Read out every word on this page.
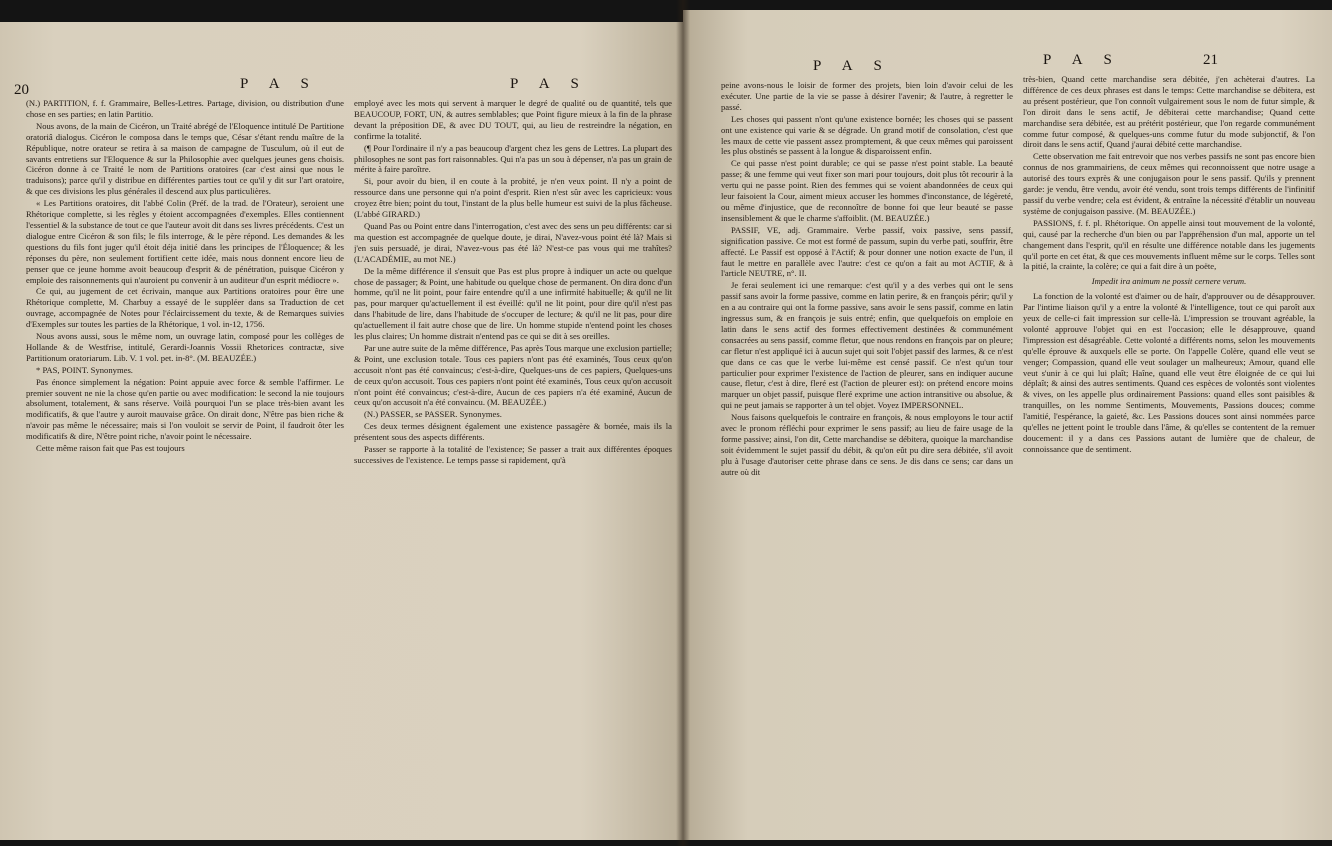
20	P A S	P A S

(N.) PARTITION, f. f. Grammaire, Belles-Lettres. Partage, division, ou distribution d'une chose en ses parties; en latin Partitio.

Nous avons, de la main de Cicéron, un Traité abrégé de l'Eloquence intitulé De Partitione oratoriâ dialogus. Cicéron le composa dans le temps que, César s'étant rendu maître de la République, notre orateur se retira à sa maison de campagne de Tusculum, où il eut de savants entretiens sur l'Eloquence & sur la Philosophie avec quelques jeunes gens choisis. Cicéron donne à ce Traité le nom de Partitions oratoires (car c'est ainsi que nous le traduisons); parce qu'il y distribue en différentes parties tout ce qu'il y dit sur l'art oratoire, & que ces divisions les plus générales il descend aux plus particulières.

« Les Partitions oratoires, dit l'abbé Colin (Préf. de la trad. de l'Orateur), seroient une Rhétorique complette, si les règles y étoient accompagnées d'exemples. Elles contiennent l'essentiel & la substance de tout ce que l'auteur avoit dit dans ses livres précédents. C'est un dialogue entre Cicéron & son fils; le fils interroge, & le père répond. Les demandes & les questions du fils font juger qu'il étoit déja initié dans les principes de l'Éloquence; & les réponses du père, non seulement fortifient cette idée, mais nous donnent encore lieu de penser que ce jeune homme avoit beaucoup d'esprit & de pénétration, puisque Cicéron y emploie des raisonnements qui n'auroient pu convenir à un auditeur d'un esprit médiocre ».

Ce qui, au jugement de cet écrivain, manque aux Partitions oratoires pour être une Rhétorique complette, M. Charbuy a essayé de le suppléer dans sa Traduction de cet ouvrage, accompagnée de Notes pour l'éclaircissement du texte, & de Remarques suivies d'Exemples sur toutes les parties de la Rhétorique, 1 vol. in-12, 1756.

Nous avons aussi, sous le même nom, un ouvrage latin, composé pour les collèges de Hollande & de Westfrise, intitulé, Gerardi-Joannis Vossii Rhetorices contractæ, sive Partitionum oratoriarum. Lib. V. 1 vol. pet. in-8°. (M. BEAUZÉE.)

* PAS, POINT. Synonymes.

Pas énonce simplement la négation: Point appuie avec force & semble l'affirmer. Le premier souvent ne nie la chose qu'en partie ou avec modification: le second la nie toujours absolument, totalement, & sans réserve. Voilà pourquoi l'un se place très-bien avant les modificatifs, & que l'autre y auroit mauvaise grâce. On dirait donc, N'être pas bien riche & n'avoir pas même le nécessaire; mais si l'on vouloit se servir de Point, il faudroit ôter les modificatifs & dire, N'être point riche, n'avoir point le nécessaire.

Cette même raison fait que Pas est toujours

employé avec les mots qui servent à marquer le degré de qualité ou de quantité, tels que BEAUCOUP, FORT, UN, & autres semblables; que Point figure mieux à la fin de la phrase devant la préposition DE, & avec DU TOUT, qui, au lieu de restreindre la négation, en confirme la totalité.

(¶ Pour l'ordinaire il n'y a pas beaucoup d'argent chez les gens de Lettres. La plupart des philosophes ne sont pas fort raisonnables. Qui n'a pas un sou à dépenser, n'a pas un grain de mérite à faire paroître.

Si, pour avoir du bien, il en coute à la probité, je n'en veux point. Il n'y a point de ressource dans une personne qui n'a point d'esprit. Rien n'est sûr avec les capricieux: vous croyez être bien; point du tout, l'instant de la plus belle humeur est suivi de la plus fâcheuse. (L'abbé GIRARD.)

Quand Pas ou Point entre dans l'interrogation, c'est avec des sens un peu différents: car si ma question est accompagnée de quelque doute, je dirai, N'avez-vous point été là? Mais si j'en suis persuadé, je dirai, N'avez-vous pas été là? N'est-ce pas vous qui me trahîtes? (L'ACADÉMIE, au mot NE.)

De la même différence il s'ensuit que Pas est plus propre à indiquer un acte ou quelque chose de passager; & Point, une habitude ou quelque chose de permanent. On dira donc d'un homme, qu'il ne lit point, pour faire entendre qu'il a une infirmité habituelle; & qu'il ne lit pas, pour marquer qu'actuellement il est éveillé: qu'il ne lit point, pour dire qu'il n'est pas dans l'habitude de lire, dans l'habitude de s'occuper de lecture; & qu'il ne lit pas, pour dire qu'actuellement il fait autre chose que de lire. Un homme stupide n'entend point les choses les plus claires; Un homme distrait n'entend pas ce qui se dit à ses oreilles.

Par une autre suite de la même différence, Pas après Tous marque une exclusion partielle; & Point, une exclusion totale. Tous ces papiers n'ont pas été examinés, Tous ceux qu'on accusoit n'ont pas été convaincus; c'est-à-dire, Quelques-uns de ces papiers, Quelques-uns de ceux qu'on accusoit. Tous ces papiers n'ont point été examinés, Tous ceux qu'on accusoit n'ont point été convaincus; c'est-à-dire, Aucun de ces papiers n'a été examiné, Aucun de ceux qu'on accusoit n'a été convaincu. (M. BEAUZÉE.)

(N.) PASSER, se PASSER. Synonymes.

Ces deux termes désignent également une existence passagère & bornée, mais ils la présentent sous des aspects différents.

Passer se rapporte à la totalité de l'existence; Se passer a trait aux différentes époques successives de l'existence. Le temps passe si rapidement, qu'à

P A S	P A S	21

peine avons-nous le loisir de former des projets, bien loin d'avoir celui de les exécuter. Une partie de la vie se passe à désirer l'avenir; & l'autre, à regretter le passé.

Les choses qui passent n'ont qu'une existence bornée; les choses qui se passent ont une existence qui varie & se dégrade. Un grand motif de consolation, c'est que les maux de cette vie passent assez promptement, & que ceux mêmes qui paroissent les plus obstinés se passent à la longue & disparoissent enfin.

Ce qui passe n'est point durable; ce qui se passe n'est point stable. La beauté passe; & une femme qui veut fixer son mari pour toujours, doit plus tôt recourir à la vertu qui ne passe point. Rien des femmes qui se voient abandonnées de ceux qui leur faisoient la Cour, aiment mieux accuser les hommes d'inconstance, de légèreté, ou même d'injustice, que de reconnoître de bonne foi que leur beauté se passe insensiblement & que le charme s'affoiblit. (M. BEAUZÉE.)

PASSIF, VE, adj. Grammaire. Verbe passif, voix passive, sens passif, signification passive. Ce mot est formé de passum, supin du verbe pati, souffrir, être affecté. Le Passif est opposé à l'Actif; & pour donner une notion exacte de l'un, il faut le mettre en parallèle avec l'autre: c'est ce qu'on a fait au mot ACTIF, & à l'article NEUTRE, n°. II.

Je ferai seulement ici une remarque: c'est qu'il y a des verbes qui ont le sens passif sans avoir la forme passive, comme en latin perire, & en françois périr; qu'il y en a au contraire qui ont la forme passive, sans avoir le sens passif, comme en latin ingressus sum, & en françois je suis entré; enfin, que quelquefois on emploie en latin dans le sens actif des formes effectivement destinées & communément consacrées au sens passif, comme fletur, que nous rendons en françois par on pleure; car fletur n'est appliqué ici à aucun sujet qui soit l'objet passif des larmes, & ce n'est que dans ce cas que le verbe lui-même est censé passif. Ce n'est qu'un tour particulier pour exprimer l'existence de l'action de pleurer, sans en indiquer aucune cause, fletur, c'est à dire, fleré est (l'action de pleurer est): on prétend encore moins marquer un objet passif, puisque fleré exprime une action intransitive ou absolue, & qui ne peut jamais se rapporter à un tel objet. Voyez IMPERSONNEL.

Nous faisons quelquefois le contraire en françois, & nous employons le tour actif avec le pronom réfléchi pour exprimer le sens passif; au lieu de faire usage de la forme passive; ainsi, l'on dit, Cette marchandise se débitera, quoique la marchandise soit évidemment le sujet passif du débit, & qu'on eût pu dire sera débitée, s'il avoit plu à l'usage d'autoriser cette phrase dans ce sens. Je dis dans ce sens; car dans un autre où dit

très-bien, Quand cette marchandise sera débitée, j'en achèterai d'autres. La différence de ces deux phrases est dans le temps: Cette marchandise se débitera, est au présent postérieur, que l'on connoît vulgairement sous le nom de futur simple, & l'on diroit dans le sens actif, Je débiterai cette marchandise; Quand cette marchandise sera débitée, est au prétérit postérieur, que l'on regarde communément comme futur composé, & quelques-uns comme futur du mode subjonctif, & l'on diroit dans le sens actif, Quand j'aurai débité cette marchandise.

Cette observation me fait entrevoir que nos verbes passifs ne sont pas encore bien connus de nos grammairiens, de ceux mêmes qui reconnoissent que notre usage a autorisé des tours exprès & une conjugaison pour le sens passif. Qu'ils y prennent garde: je vendu, être vendu, avoir été vendu, sont trois temps différents de l'infinitif passif du verbe vendre; cela est évident, & entraîne la nécessité d'établir un nouveau système de conjugaison passive. (M. BEAUZÉE.)

PASSIONS, f. f. pl. Rhétorique. On appelle ainsi tout mouvement de la volonté, qui, causé par la recherche d'un bien ou par l'appréhension d'un mal, apporte un tel changement dans l'esprit, qu'il en résulte une différence notable dans les jugements qu'il porte en cet état, & que ces mouvements influent même sur le corps. Telles sont la pitié, la crainte, la colère; ce qui a fait dire à un poëte,

Impedit ira animum ne possit cernere verum.

La fonction de la volonté est d'aimer ou de haïr, d'approuver ou de désapprouver. Par l'intime liaison qu'il y a entre la volonté & l'intelligence, tout ce qui paroît aux yeux de celle-ci fait impression sur celle-là. L'impression se trouvant agréable, la volonté approuve l'objet qui en est l'occasion; elle le désapprouve, quand l'impression est désagréable. Cette volonté a différents noms, selon les mouvements qu'elle éprouve & auxquels elle se porte. On l'appelle Colère, quand elle veut se venger; Compassion, quand elle veut soulager un malheureux; Amour, quand elle veut s'unir à ce qui lui plaît; Haîne, quand elle veut être éloignée de ce qui lui déplaît; & ainsi des autres sentiments. Quand ces espèces de volontés sont violentes & vives, on les appelle plus ordinairement Passions: quand elles sont paisibles & tranquilles, on les nomme Sentiments, Mouvements, Passions douces; comme l'amitié, l'espérance, la gaieté, &c. Les Passions douces sont ainsi nommées parce qu'elles ne jettent point le trouble dans l'âme, & qu'elles se contentent de la remuer doucement: il y a dans ces Passions autant de lumière que de chaleur, de connoissance que de sentiment.
